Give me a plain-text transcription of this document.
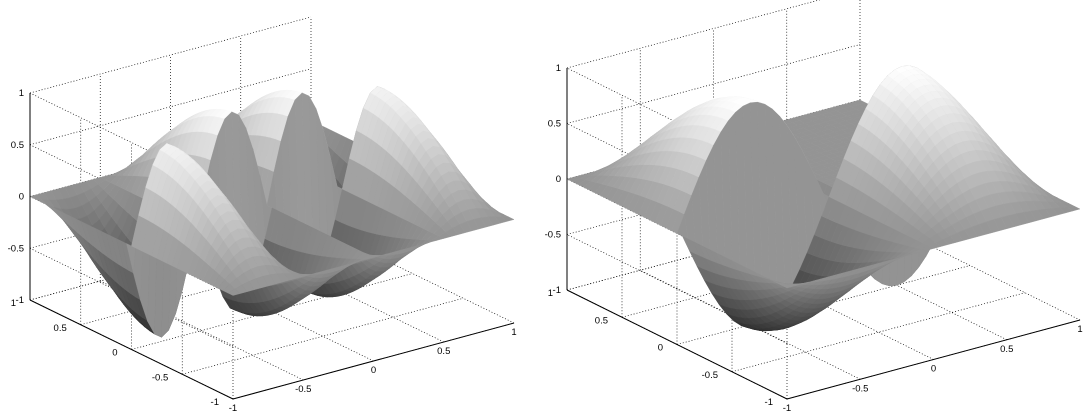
-1
-0.5
0
0.5
1
-1
-0.5
0
0.5
1 -1
-0.5
0
0.5
1
-1
-0.5
0
0.5
1
-1
-0.5
0
0.5
1 -1
-0.5
0
0.5
1
